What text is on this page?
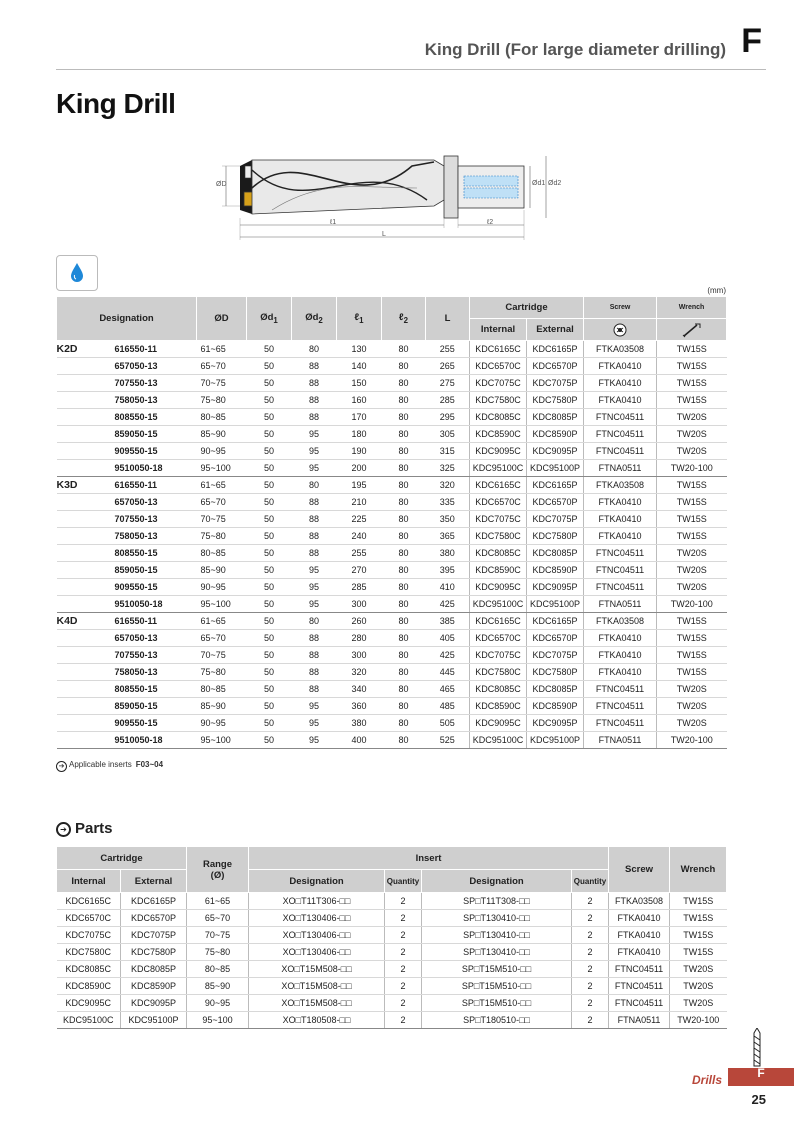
King Drill (For large diameter drilling) F
King Drill
ØD	Ød1 Ød2
ℓ1	ℓ2
L
(mm)
Designation		ØD	$Ød_1$	$Ød_2$	ℓ$_1$	ℓ$_2$	L	Cartridge		Screw	Wrench

								Internal	External	

K2D	616550-11	61~65	50	80	130	80	255	KDC6165C	KDC6165P	FTKA03508	TW15S
	657050-13	65~70	50	88	140	80	265	KDC6570C	KDC6570P	FTKA0410	TW15S
	707550-13	70~75	50	88	150	80	275	KDC7075C	KDC7075P	FTKA0410	TW15S
	758050-13	75~80	50	88	160	80	285	KDC7580C	KDC7580P	FTKA0410	TW15S
	808550-15	80~85	50	88	170	80	295	KDC8085C	KDC8085P	FTNC04511	TW20S
	859050-15	85~90	50	95	180	80	305	KDC8590C	KDC8590P	FTNC04511	TW20S
	909550-15	90~95	50	95	190	80	315	KDC9095C	KDC9095P	FTNC04511	TW20S
	9510050-18	95~100	50	95	200	80	325	KDC95100C	KDC95100P	FTNA0511	TW20-100
K3D	616550-11	61~65	50	80	195	80	320	KDC6165C	KDC6165P	FTKA03508	TW15S
	657050-13	65~70	50	88	210	80	335	KDC6570C	KDC6570P	FTKA0410	TW15S
	707550-13	70~75	50	88	225	80	350	KDC7075C	KDC7075P	FTKA0410	TW15S
	758050-13	75~80	50	88	240	80	365	KDC7580C	KDC7580P	FTKA0410	TW15S
	808550-15	80~85	50	88	255	80	380	KDC8085C	KDC8085P	FTNC04511	TW20S
	859050-15	85~90	50	95	270	80	395	KDC8590C	KDC8590P	FTNC04511	TW20S
	909550-15	90~95	50	95	285	80	410	KDC9095C	KDC9095P	FTNC04511	TW20S
	9510050-18	95~100	50	95	300	80	425	KDC95100C	KDC95100P	FTNA0511	TW20-100
K4D	616550-11	61~65	50	80	260	80	385	KDC6165C	KDC6165P	FTKA03508	TW15S
	657050-13	65~70	50	88	280	80	405	KDC6570C	KDC6570P	FTKA0410	TW15S
	707550-13	70~75	50	88	300	80	425	KDC7075C	KDC7075P	FTKA0410	TW15S
	758050-13	75~80	50	88	320	80	445	KDC7580C	KDC7580P	FTKA0410	TW15S
	808550-15	80~85	50	88	340	80	465	KDC8085C	KDC8085P	FTNC04511	TW20S
	859050-15	85~90	50	95	360	80	485	KDC8590C	KDC8590P	FTNC04511	TW20S
	909550-15	90~95	50	95	380	80	505	KDC9095C	KDC9095P	FTNC04511	TW20S
	9510050-18	95~100	50	95	400	80	525	KDC95100C	KDC95100P	FTNA0511	TW20-100
➔ Applicable inserts F03~04
➔ Parts
Cartridge		Range
(Ø)	Insert				Screw	Wrench
Internal	External		Designation	Quantity	Designation	Quantity		
KDC6165C	KDC6165P	61~65	XO□T11T306-□□	2	SP□T11T308-□□	2	FTKA03508	TW15S
KDC6570C	KDC6570P	65~70	XO□T130406-□□	2	SP□T130410-□□	2	FTKA0410	TW15S
KDC7075C	KDC7075P	70~75	XO□T130406-□□	2	SP□T130410-□□	2	FTKA0410	TW15S
KDC7580C	KDC7580P	75~80	XO□T130406-□□	2	SP□T130410-□□	2	FTKA0410	TW15S
KDC8085C	KDC8085P	80~85	XO□T15M508-□□	2	SP□T15M510-□□	2	FTNC04511	TW20S
KDC8590C	KDC8590P	85~90	XO□T15M508-□□	2	SP□T15M510-□□	2	FTNC04511	TW20S
KDC9095C	KDC9095P	90~95	XO□T15M508-□□	2	SP□T15M510-□□	2	FTNC04511	TW20S
KDC95100C	KDC95100P	95~100	XO□T180508-□□	2	SP□T180510-□□	2	FTNA0511	TW20-100
Drills	F
25
